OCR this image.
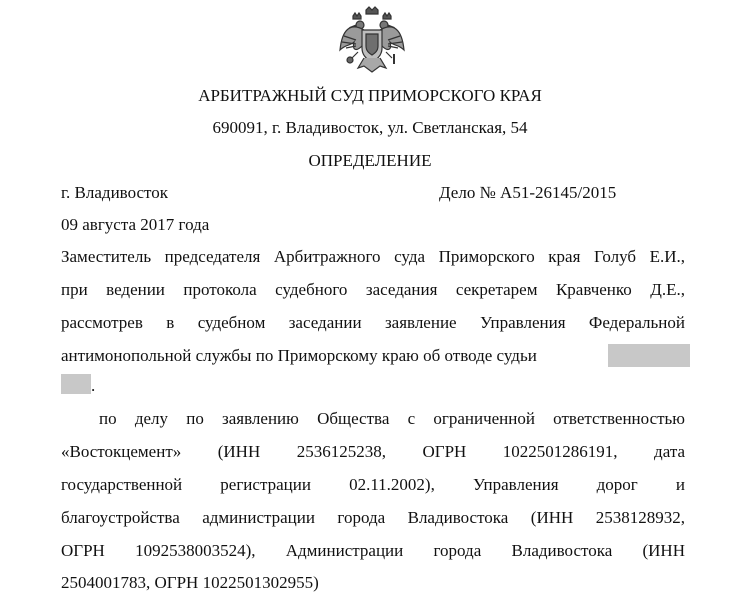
АРБИТРАЖНЫЙ СУД ПРИМОРСКОГО КРАЯ
690091, г. Владивосток, ул. Светланская, 54
ОПРЕДЕЛЕНИЕ
г. Владивосток	Дело № А51-26145/2015
09 августа 2017 года
Заместитель председателя Арбитражного суда Приморского края Голуб Е.И.,
при ведении протокола судебного заседания секретарем Кравченко Д.Е.,
рассмотрев в судебном заседании заявление Управления Федеральной
антимонопольной службы по Приморскому краю об отводе судьи
.
по делу по заявлению Общества с ограниченной ответственностью
«Востокцемент» (ИНН 2536125238, ОГРН 1022501286191, дата
государственной регистрации 02.11.2002), Управления дорог и
благоустройства администрации города Владивостока (ИНН 2538128932,
ОГРН 1092538003524), Администрации города Владивостока (ИНН
2504001783, ОГРН 1022501302955)
